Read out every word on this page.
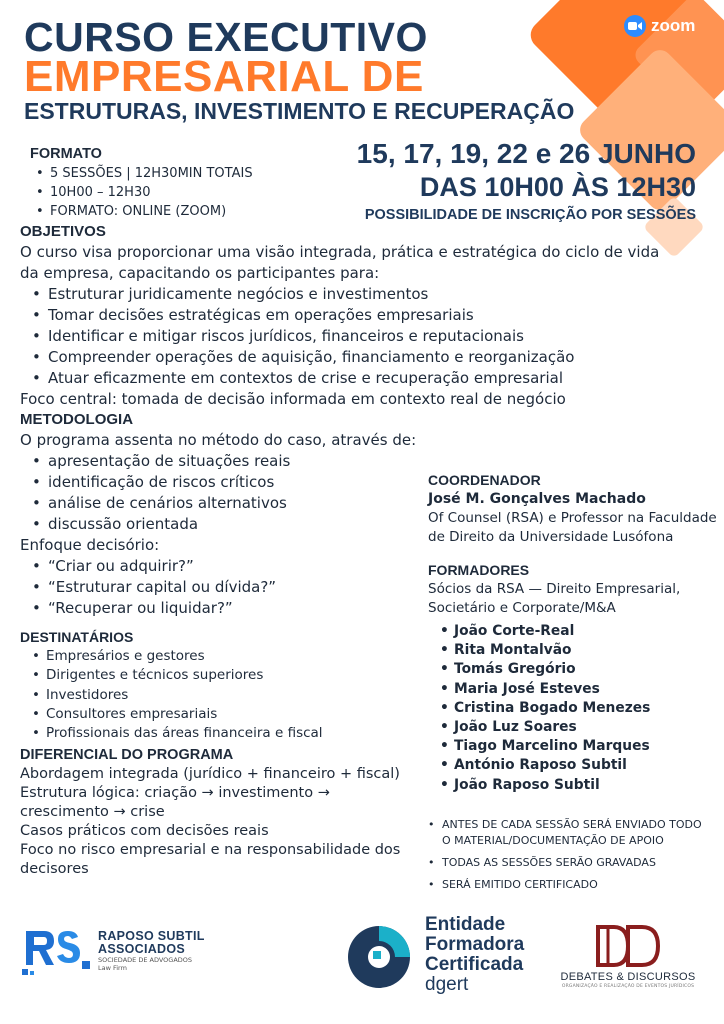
zoom
CURSO EXECUTIVO
EMPRESARIAL DE A a Z
ESTRUTURAS, INVESTIMENTO E RECUPERAÇÃO
15, 17, 19, 22 e 26 JUNHO
DAS 10H00 ÀS 12H30
POSSIBILIDADE DE INSCRIÇÃO POR SESSÕES
FORMATO
• 5 SESSÕES | 12H30MIN TOTAIS
• 10H00 – 12H30
• FORMATO: ONLINE (ZOOM)
OBJETIVOS
O curso visa proporcionar uma visão integrada, prática e estratégica do ciclo de vida da empresa, capacitando os participantes para:
• Estruturar juridicamente negócios e investimentos
• Tomar decisões estratégicas em operações empresariais
• Identificar e mitigar riscos jurídicos, financeiros e reputacionais
• Compreender operações de aquisição, financiamento e reorganização
• Atuar eficazmente em contextos de crise e recuperação empresarial
Foco central: tomada de decisão informada em contexto real de negócio
METODOLOGIA
O programa assenta no método do caso, através de:
• apresentação de situações reais
• identificação de riscos críticos
• análise de cenários alternativos
• discussão orientada
Enfoque decisório:
• “Criar ou adquirir?”
• “Estruturar capital ou dívida?”
• “Recuperar ou liquidar?”
DESTINATÁRIOS
• Empresários e gestores
• Dirigentes e técnicos superiores
• Investidores
• Consultores empresariais
• Profissionais das áreas financeira e fiscal
DIFERENCIAL DO PROGRAMA
Abordagem integrada (jurídico + financeiro + fiscal)
Estrutura lógica: criação → investimento → crescimento → crise
Casos práticos com decisões reais
Foco no risco empresarial e na responsabilidade dos decisores
COORDENADOR
José M. Gonçalves Machado
Of Counsel (RSA) e Professor na Faculdade de Direito da Universidade Lusófona
FORMADORES
Sócios da RSA — Direito Empresarial, Societário e Corporate/M&A
• João Corte-Real
• Rita Montalvão
• Tomás Gregório
• Maria José Esteves
• Cristina Bogado Menezes
• João Luz Soares
• Tiago Marcelino Marques
• António Raposo Subtil
• João Raposo Subtil
• ANTES DE CADA SESSÃO SERÁ ENVIADO TODO O MATERIAL/DOCUMENTAÇÃO DE APOIO
• TODAS AS SESSÕES SERÃO GRAVADAS
• SERÁ EMITIDO CERTIFICADO
RAPOSO SUBTIL
ASSOCIADOS
SOCIEDADE DE ADVOGADOS
Law Firm
Entidade
Formadora
Certificada
dgert	DEBATES & DISCURSOS
ORGANIZAÇÃO E REALIZAÇÃO DE EVENTOS JURÍDICOS
